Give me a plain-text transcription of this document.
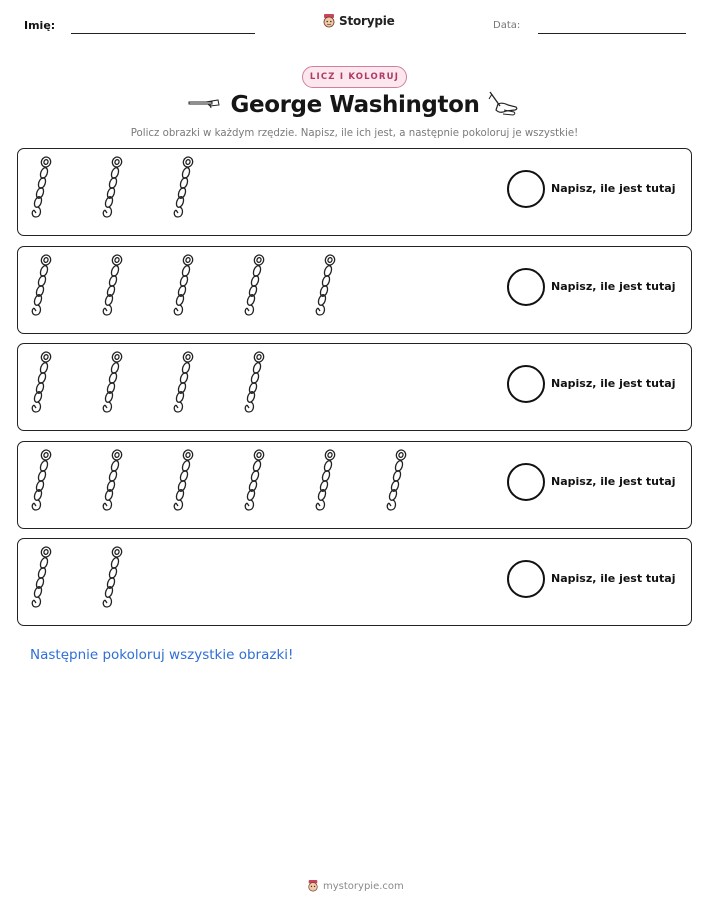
Imię:	Storypie	Data:
LICZ I KOLORUJ
George Washington
Policz obrazki w każdym rzędzie. Napisz, ile ich jest, a następnie pokoloruj je wszystkie!
Napisz, ile jest tutaj
Napisz, ile jest tutaj
Napisz, ile jest tutaj
Napisz, ile jest tutaj
Napisz, ile jest tutaj
Następnie pokoloruj wszystkie obrazki!
mystorypie.com
